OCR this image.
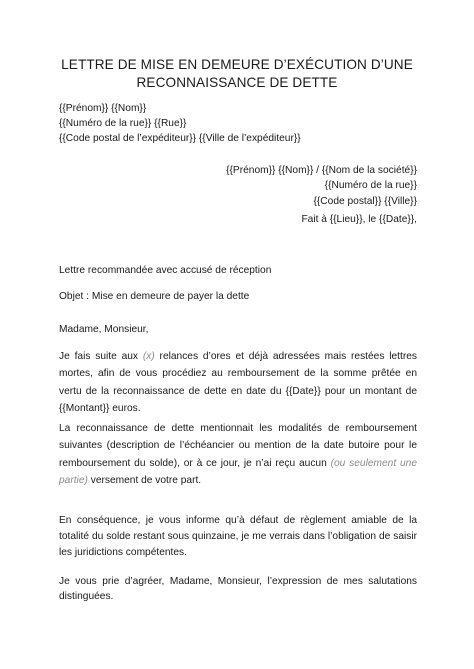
LETTRE DE MISE EN DEMEURE D’EXÉCUTION D’UNE
RECONNAISSANCE DE DETTE
{{Prénom}} {{Nom}}
{{Numéro de la rue}} {{Rue}}
{{Code postal de l’expéditeur}} {{Ville de l’expéditeur}}
{{Prénom}} {{Nom}} / {{Nom de la société}}
{{Numéro de la rue}}
{{Code postal}} {{Ville}}
Fait à {{Lieu}}, le {{Date}},
Lettre recommandée avec accusé de réception
Objet : Mise en demeure de payer la dette
Madame, Monsieur,
Je fais suite aux (x) relances d’ores et déjà adressées mais restées lettres mortes, afin de vous procédiez au remboursement de la somme prêtée en vertu de la reconnaissance de dette en date du {{Date}} pour un montant de {{Montant}} euros.
La reconnaissance de dette mentionnait les modalités de remboursement suivantes (description de l’échéancier ou mention de la date butoire pour le remboursement du solde), or à ce jour, je n’ai reçu aucun (ou seulement une partie) versement de votre part.
En conséquence, je vous informe qu’à défaut de règlement amiable de la totalité du solde restant sous quinzaine, je me verrais dans l’obligation de saisir les juridictions compétentes.
Je vous prie d’agréer, Madame, Monsieur, l’expression de mes salutations distinguées.
